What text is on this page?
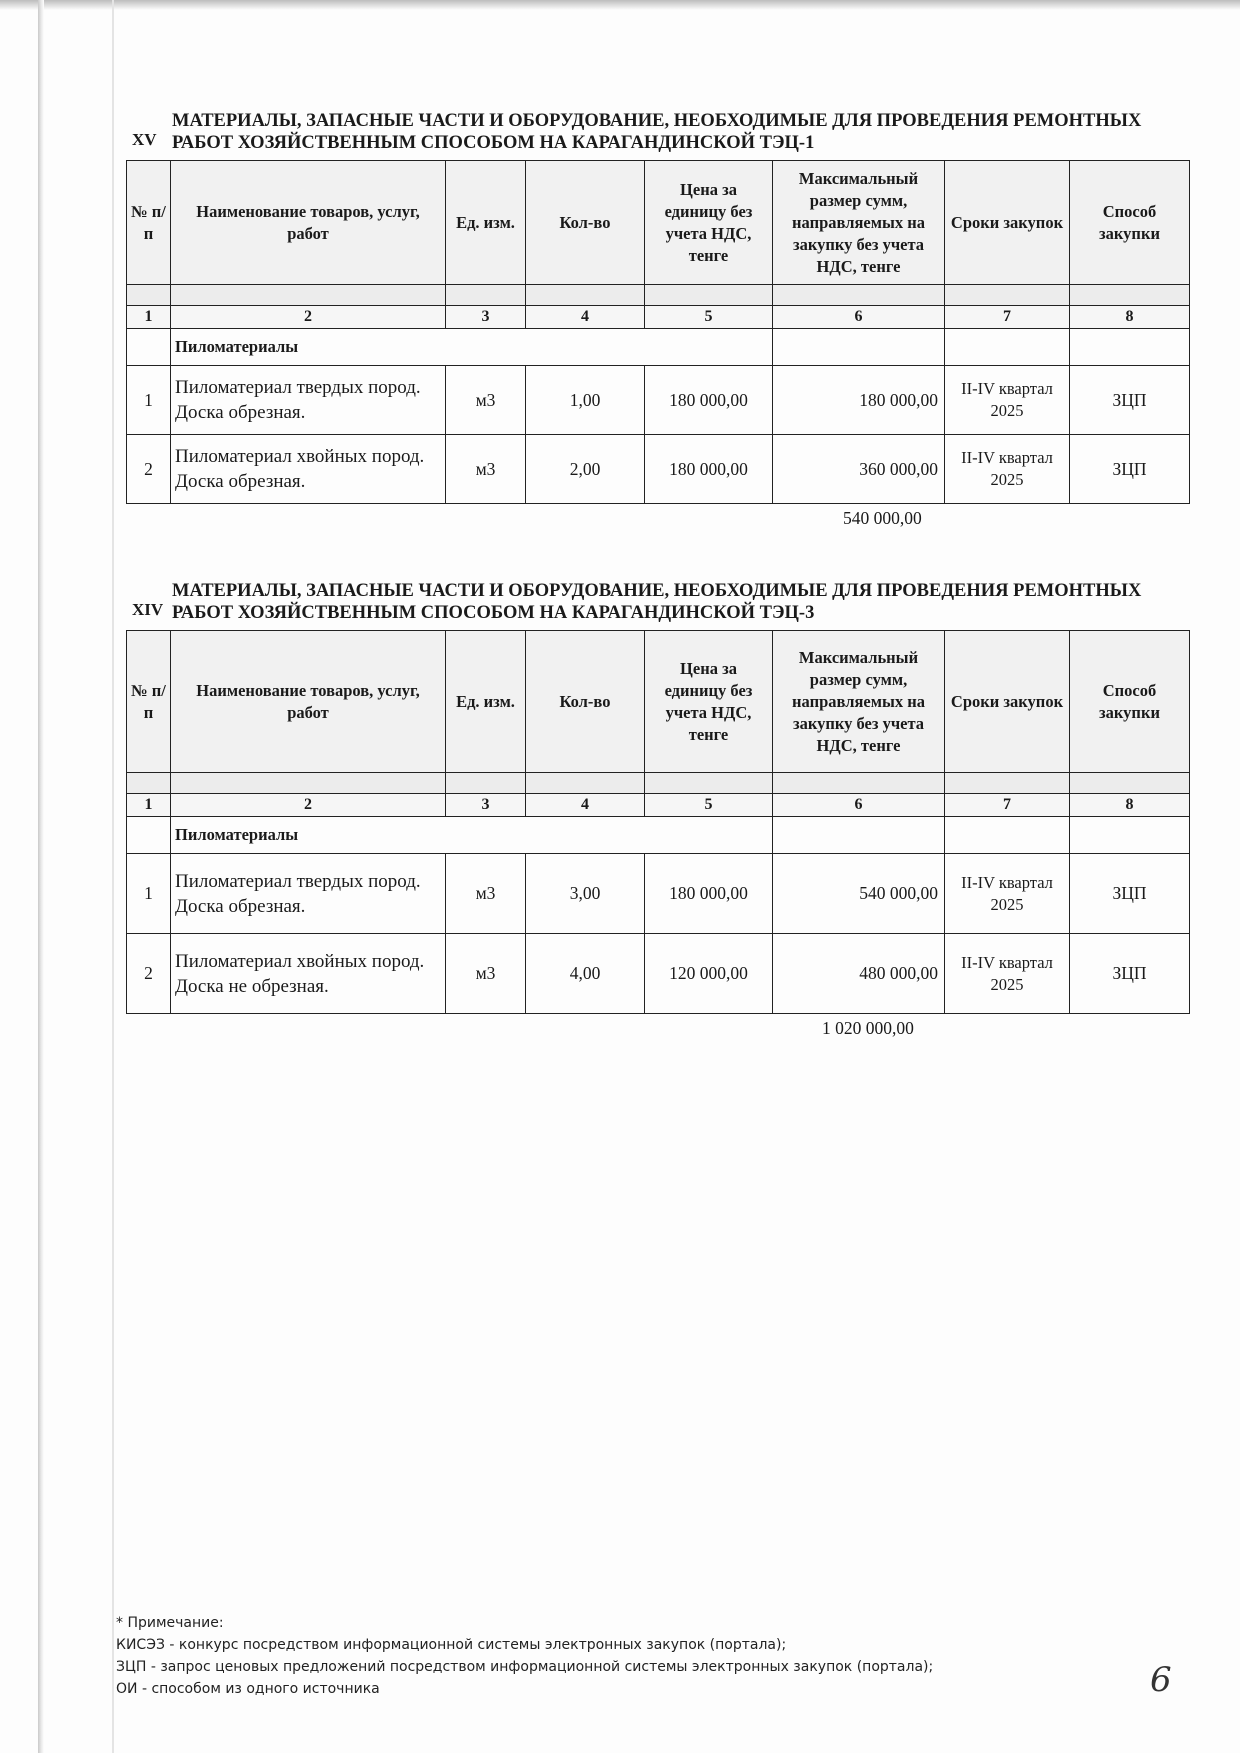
XV
МАТЕРИАЛЫ, ЗАПАСНЫЕ ЧАСТИ И ОБОРУДОВАНИЕ, НЕОБХОДИМЫЕ ДЛЯ ПРОВЕДЕНИЯ РЕМОНТНЫХ РАБОТ ХОЗЯЙСТВЕННЫМ СПОСОБОМ НА КАРАГАНДИНСКОЙ ТЭЦ-1
№ п/п	Наименование товаров, услуг, работ	Ед. изм.	Кол-во	Цена за единицу без учета НДС, тенге	Максимальный размер сумм, направляемых на закупку без учета НДС, тенге	Сроки закупок	Способ закупки

1	2	3	4	5	6	7	8
	Пиломатериалы						
1	Пиломатериал твердых пород. Доска обрезная.	м3	1,00	180 000,00	180 000,00	II-IV квартал 2025	ЗЦП
2	Пиломатериал хвойных пород. Доска обрезная.	м3	2,00	180 000,00	360 000,00	II-IV квартал 2025	ЗЦП
540 000,00
XIV
МАТЕРИАЛЫ, ЗАПАСНЫЕ ЧАСТИ И ОБОРУДОВАНИЕ, НЕОБХОДИМЫЕ ДЛЯ ПРОВЕДЕНИЯ РЕМОНТНЫХ РАБОТ ХОЗЯЙСТВЕННЫМ СПОСОБОМ НА КАРАГАНДИНСКОЙ ТЭЦ-3
№ п/п	Наименование товаров, услуг, работ	Ед. изм.	Кол-во	Цена за единицу без учета НДС, тенге	Максимальный размер сумм, направляемых на закупку без учета НДС, тенге	Сроки закупок	Способ закупки

1	2	3	4	5	6	7	8
	Пиломатериалы						
1	Пиломатериал твердых пород. Доска обрезная.	м3	3,00	180 000,00	540 000,00	II-IV квартал 2025	ЗЦП
2	Пиломатериал хвойных пород. Доска не обрезная.	м3	4,00	120 000,00	480 000,00	II-IV квартал 2025	ЗЦП
1 020 000,00
* Примечание:
КИСЭЗ - конкурс посредством информационной системы электронных закупок (портала);
ЗЦП - запрос ценовых предложений посредством информационной системы электронных закупок (портала);
ОИ - способом из одного источника	6
